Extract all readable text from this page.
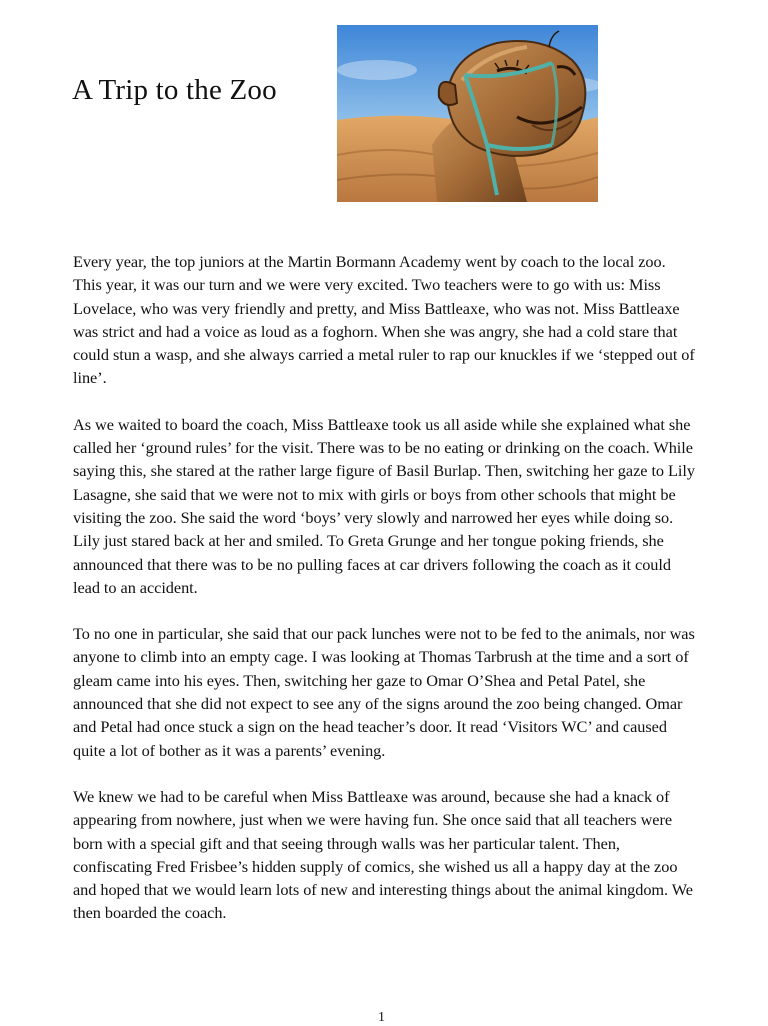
A Trip to the Zoo

Every year, the top juniors at the Martin Bormann Academy went by coach to the local zoo. This year, it was our turn and we were very excited. Two teachers were to go with us: Miss Lovelace, who was very friendly and pretty, and Miss Battleaxe, who was not. Miss Battleaxe was strict and had a voice as loud as a foghorn. When she was angry, she had a cold stare that could stun a wasp, and she always carried a metal ruler to rap our knuckles if we ‘stepped out of line’.

As we waited to board the coach, Miss Battleaxe took us all aside while she explained what she called her ‘ground rules’ for the visit. There was to be no eating or drinking on the coach. While saying this, she stared at the rather large figure of Basil Burlap. Then, switching her gaze to Lily Lasagne, she said that we were not to mix with girls or boys from other schools that might be visiting the zoo. She said the word ‘boys’ very slowly and narrowed her eyes while doing so. Lily just stared back at her and smiled. To Greta Grunge and her tongue poking friends, she announced that there was to be no pulling faces at car drivers following the coach as it could lead to an accident.

To no one in particular, she said that our pack lunches were not to be fed to the animals, nor was anyone to climb into an empty cage. I was looking at Thomas Tarbrush at the time and a sort of gleam came into his eyes. Then, switching her gaze to Omar O’Shea and Petal Patel, she announced that she did not expect to see any of the signs around the zoo being changed. Omar and Petal had once stuck a sign on the head teacher’s door. It read ‘Visitors WC’ and caused quite a lot of bother as it was a parents’ evening.

We knew we had to be careful when Miss Battleaxe was around, because she had a knack of appearing from nowhere, just when we were having fun. She once said that all teachers were born with a special gift and that seeing through walls was her particular talent. Then, confiscating Fred Frisbee’s hidden supply of comics, she wished us all a happy day at the zoo and hoped that we would learn lots of new and interesting things about the animal kingdom. We then boarded the coach.

1
